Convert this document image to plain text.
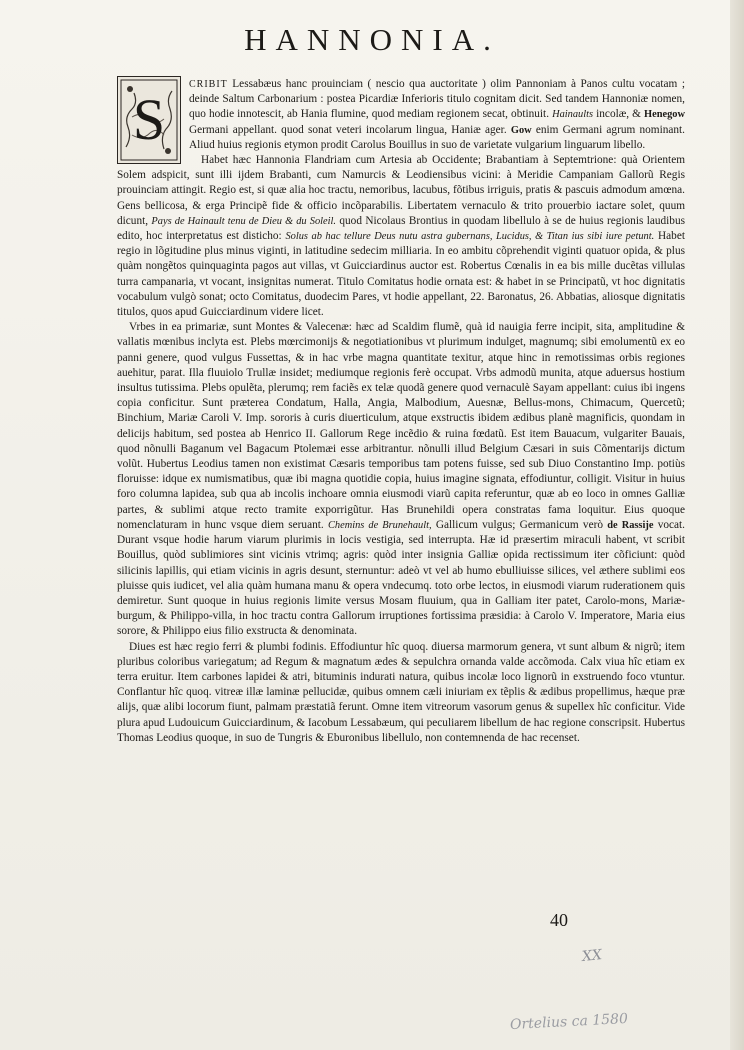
HANNONIA.
S

CRIBIT Lessabæus hanc prouinciam ( nescio qua auctoritate ) olim Pannoniam à Panos cultu vocatam ; deinde Saltum Carbonarium : postea Picardiæ Inferioris titulo cognitam dicit. Sed tandem Hannoniæ nomen, quo hodie innotescit, ab Hania flumine, quod mediam regionem secat, obtinuit. Hainaults incolæ, & Henegow Germani appellant. quod sonat veteri incolarum lingua, Haniæ ager. Gow enim Germani agrum nominant. Aliud huius regionis etymon prodit Carolus Bouillus in suo de varietate vulgarium linguarum libello.

Habet hæc Hannonia Flandriam cum Artesia ab Occidente; Brabantiam à Septemtrione: quà Orientem Solem adspicit, sunt illi ijdem Brabanti, cum Namurcis & Leodiensibus vicini: à Meridie Campaniam Gallorũ Regis prouinciam attingit. Regio est, si quæ alia hoc tractu, nemoribus, lacubus, fõtibus irriguis, pratis & pascuis admodum amœna. Gens bellicosa, & erga Principẽ fide & officio incõparabilis. Libertatem vernaculo & trito prouerbio iactare solet, quum dicunt, Pays de Hainault tenu de Dieu & du Soleil. quod Nicolaus Brontius in quodam libellulo à se de huius regionis laudibus edito, hoc interpretatus est disticho: Solus ab hac tellure Deus nutu astra gubernans, Lucidus, & Titan ius sibi iure petunt. Habet regio in lõgitudine plus minus viginti, in latitudine sedecim milliaria. In eo ambitu cõprehendit viginti quatuor opida, & plus quàm nongẽtos quinquaginta pagos aut villas, vt Guicciardinus auctor est. Robertus Cœnalis in ea bis mille ducẽtas villulas turra campanaria, vt vocant, insignitas numerat. Titulo Comitatus hodie ornata est: & habet in se Principatũ, vt hoc dignitatis vocabulum vulgò sonat; octo Comitatus, duodecim Pares, vt hodie appellant, 22. Baronatus, 26. Abbatias, aliosque dignitatis titulos, quos apud Guicciardinum videre licet.

Vrbes in ea primariæ, sunt Montes & Valecenæ: hæc ad Scaldim flumẽ, quà id nauigia ferre incipit, sita, amplitudine & vallatis mœnibus inclyta est. Plebs mœrcimonijs & negotiationibus vt plurimum indulget, magnumq; sibi emolumentũ ex eo panni genere, quod vulgus Fussettas, & in hac vrbe magna quantitate texitur, atque hinc in remotissimas orbis regiones auehitur, parat. Illa fluuiolo Trullæ insidet; mediumque regionis ferè occupat. Vrbs admodũ munita, atque aduersus hostium insultus tutissima. Plebs opulẽta, plerumq; rem faciẽs ex telæ quodã genere quod vernaculè Sayam appellant: cuius ibi ingens copia conficitur. Sunt præterea Condatum, Halla, Angia, Malbodium, Auesnæ, Bellus-mons, Chimacum, Quercetũ; Binchium, Mariæ Caroli V. Imp. sororis à curis diuerticulum, atque exstructis ibidem ædibus planè magnificis, quondam in delicijs habitum, sed postea ab Henrico II. Gallorum Rege incẽdio & ruina fœdatũ. Est item Bauacum, vulgariter Bauais, quod nõnulli Baganum vel Bagacum Ptolemæi esse arbitrantur. nõnulli illud Belgium Cæsari in suis Cõmentarijs dictum volũt. Hubertus Leodius tamen non existimat Cæsaris temporibus tam potens fuisse, sed sub Diuo Constantino Imp. potiùs floruisse: idque ex numismatibus, quæ ibi magna quotidie copia, huius imagine signata, effodiuntur, colligit. Visitur in huius foro columna lapidea, sub qua ab incolis inchoare omnia eiusmodi viarũ capita referuntur, quæ ab eo loco in omnes Galliæ partes, & sublimi atque recto tramite exporrigũtur. Has Brunehildi opera constratas fama loquitur. Eius quoque nomenclaturam in hunc vsque diem seruant. Chemins de Brunehault, Gallicum vulgus; Germanicum verò de Rassije vocat. Durant vsque hodie harum viarum plurimis in locis vestigia, sed interrupta. Hæ id præsertim miraculi habent, vt scribit Bouillus, quòd sublimiores sint vicinis vtrimq; agris: quòd inter insignia Galliæ opida rectissimum iter cõficiunt: quòd silicinis lapillis, qui etiam vicinis in agris desunt, sternuntur: adeò vt vel ab humo ebulliuisse silices, vel æthere sublimi eos pluisse quis iudicet, vel alia quàm humana manu & opera vndecumq. toto orbe lectos, in eiusmodi viarum ruderationem quis demiretur. Sunt quoque in huius regionis limite versus Mosam fluuium, qua in Galliam iter patet, Carolo-mons, Mariæ-burgum, & Philippo-villa, in hoc tractu contra Gallorum irruptiones fortissima præsidia: à Carolo V. Imperatore, Maria eius sorore, & Philippo eius filio exstructa & denominata.

Diues est hæc regio ferri & plumbi fodinis. Effodiuntur hîc quoq. diuersa marmorum genera, vt sunt album & nigrũ; item pluribus coloribus variegatum; ad Regum & magnatum ædes & sepulchra ornanda valde accõmoda. Calx viua hîc etiam ex terra eruitur. Item carbones lapidei & atri, bituminis indurati natura, quibus incolæ loco lignorũ in exstruendo foco vtuntur. Conflantur hîc quoq. vitreæ illæ laminæ pellucidæ, quibus omnem cæli iniuriam ex tẽplis & ædibus propellimus, hæque præ alijs, quæ alibi locorum fiunt, palmam præstatiã ferunt. Omne item vitreorum vasorum genus & supellex hîc conficitur. Vide plura apud Ludouicum Guicciardinum, & Iacobum Lessabæum, qui peculiarem libellum de hac regione conscripsit. Hubertus Thomas Leodius quoque, in suo de Tungris & Eburonibus libellulo, non contemnenda de hac recenset.

40
XX
Ortelius ca 1580
